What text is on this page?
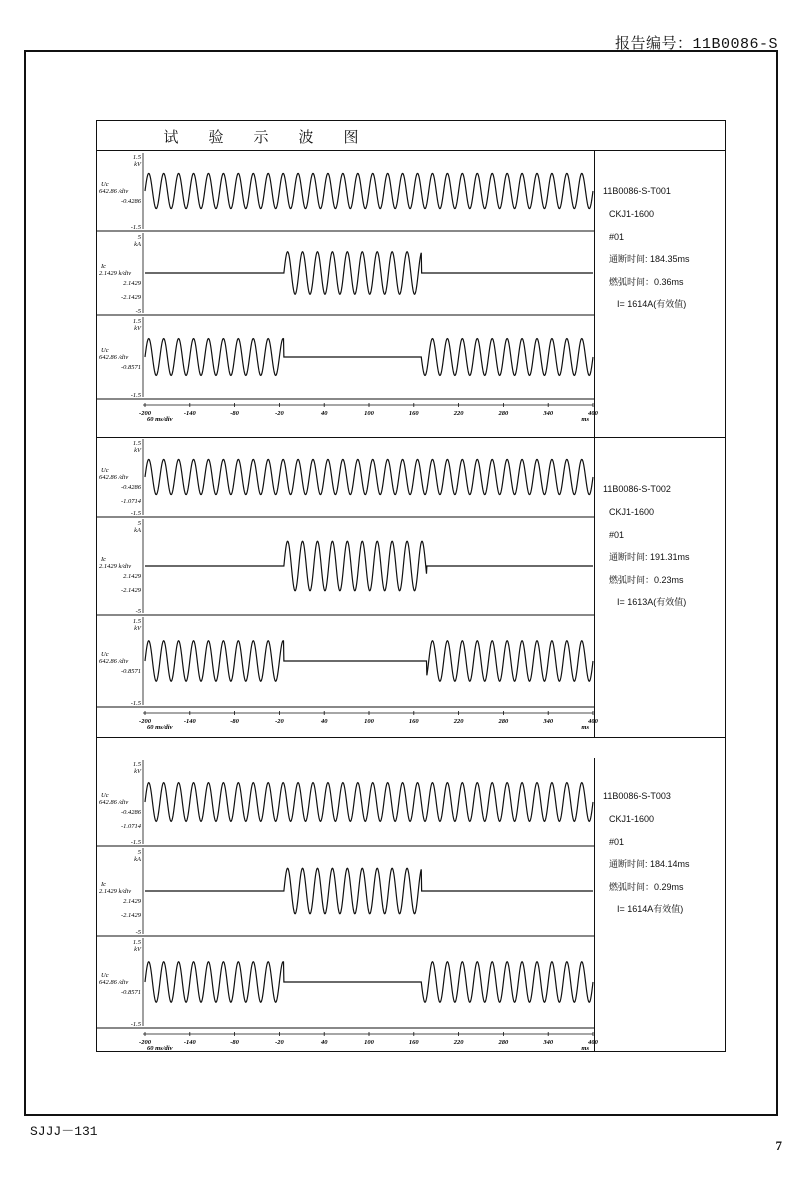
报告编号：11B0086-S
SJJJ－131
7
试验示波图
1.5
kV
Uc
642.86 /div
-0.4286
-1.5
5
kA
Ic
2.1429 k/div
2.1429
-2.1429
-5
1.5
kV
Uc
642.86 /div
-0.8571
-1.5
-200	-140	-80	-20	40	100	160	220	280	340	400
ms
60 ms/div
11B0086-S-T001
CKJ1-1600
#01
通断时间: 184.35ms
燃弧时间：0.36ms
I= 1614A(有效值)
1.5
kV
Uc
642.86 /div
-0.4286
-1.0714
-1.5
5
kA
Ic
2.1429 k/div
2.1429
-2.1429
-5
1.5
kV
Uc
642.86 /div
-0.8571
-1.5
-200	-140	-80	-20	40	100	160	220	280	340	400
ms
60 ms/div
11B0086-S-T002
CKJ1-1600
#01
通断时间: 191.31ms
燃弧时间：0.23ms
I= 1613A(有效值)
1.5
kV
Uc
642.86 /div
-0.4286
-1.0714
-1.5
5
kA
Ic
2.1429 k/div
2.1429
-2.1429
-5
1.5
kV
Uc
642.86 /div
-0.8571
-1.5
-200	-140	-80	-20	40	100	160	220	280	340	400
ms
60 ms/div
11B0086-S-T003
CKJ1-1600
#01
通断时间: 184.14ms
燃弧时间：0.29ms
I= 1614A有效值)
